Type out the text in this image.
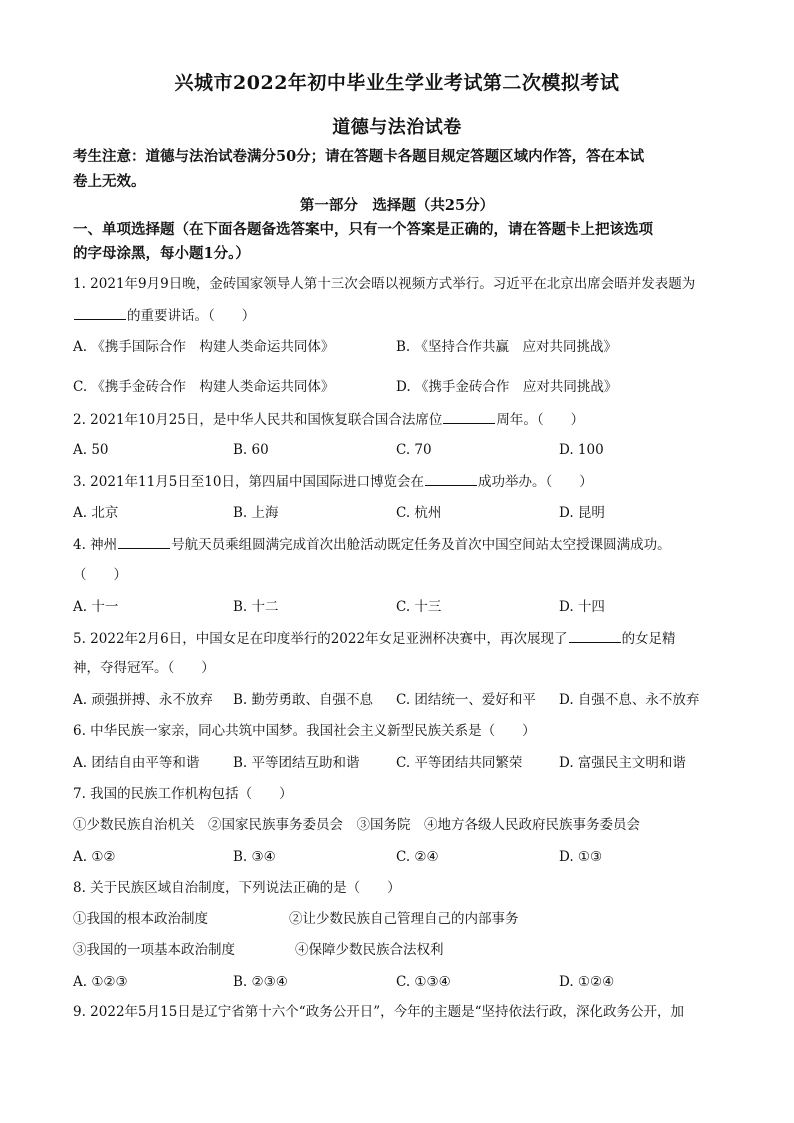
兴城市2022年初中毕业生学业考试第二次模拟考试
道德与法治试卷
考生注意：道德与法治试卷满分50分；请在答题卡各题目规定答题区域内作答，答在本试
卷上无效。
第一部分　选择题（共25分）
一、单项选择题（在下面各题备选答案中，只有一个答案是正确的，请在答题卡上把该选项
的字母涂黑，每小题1分。）
1. 2021年9月9日晚，金砖国家领导人第十三次会晤以视频方式举行。习近平在北京出席会晤并发表题为
的重要讲话。（　　）
A. 《携手国际合作　构建人类命运共同体》	B. 《坚持合作共赢　应对共同挑战》
C. 《携手金砖合作　构建人类命运共同体》	D. 《携手金砖合作　应对共同挑战》
2. 2021年10月25日，是中华人民共和国恢复联合国合法席位	周年。（　　）
A. 50	B. 60	C. 70	D. 100
3. 2021年11月5日至10日，第四届中国国际进口博览会在	成功举办。（　　）
A. 北京	B. 上海	C. 杭州	D. 昆明
4. 神州	号航天员乘组圆满完成首次出舱活动既定任务及首次中国空间站太空授课圆满成功。
（　　）
A. 十一	B. 十二	C. 十三	D. 十四
5. 2022年2月6日，中国女足在印度举行的2022年女足亚洲杯决赛中，再次展现了	的女足精
神，夺得冠军。（　　）
A. 顽强拼搏、永不放弃 B. 勤劳勇敢、自强不息 C. 团结统一、爱好和平 D. 自强不息、永不放弃
6. 中华民族一家亲，同心共筑中国梦。我国社会主义新型民族关系是（　　）
A. 团结自由平等和谐 B. 平等团结互助和谐	C. 平等团结共同繁荣	D. 富强民主文明和谐
7. 我国的民族工作机构包括（　　）
①少数民族自治机关　②国家民族事务委员会　③国务院　④地方各级人民政府民族事务委员会
A. ①②	B. ③④	C. ②④	D. ①③
8. 关于民族区域自治制度，下列说法正确的是（　　）
①我国的根本政治制度	②让少数民族自己管理自己的内部事务
③我国的一项基本政治制度	④保障少数民族合法权利
A. ①②③	B. ②③④	C. ①③④	D. ①②④
9. 2022年5月15日是辽宁省第十六个“政务公开日”，今年的主题是“坚持依法行政，深化政务公开，加
